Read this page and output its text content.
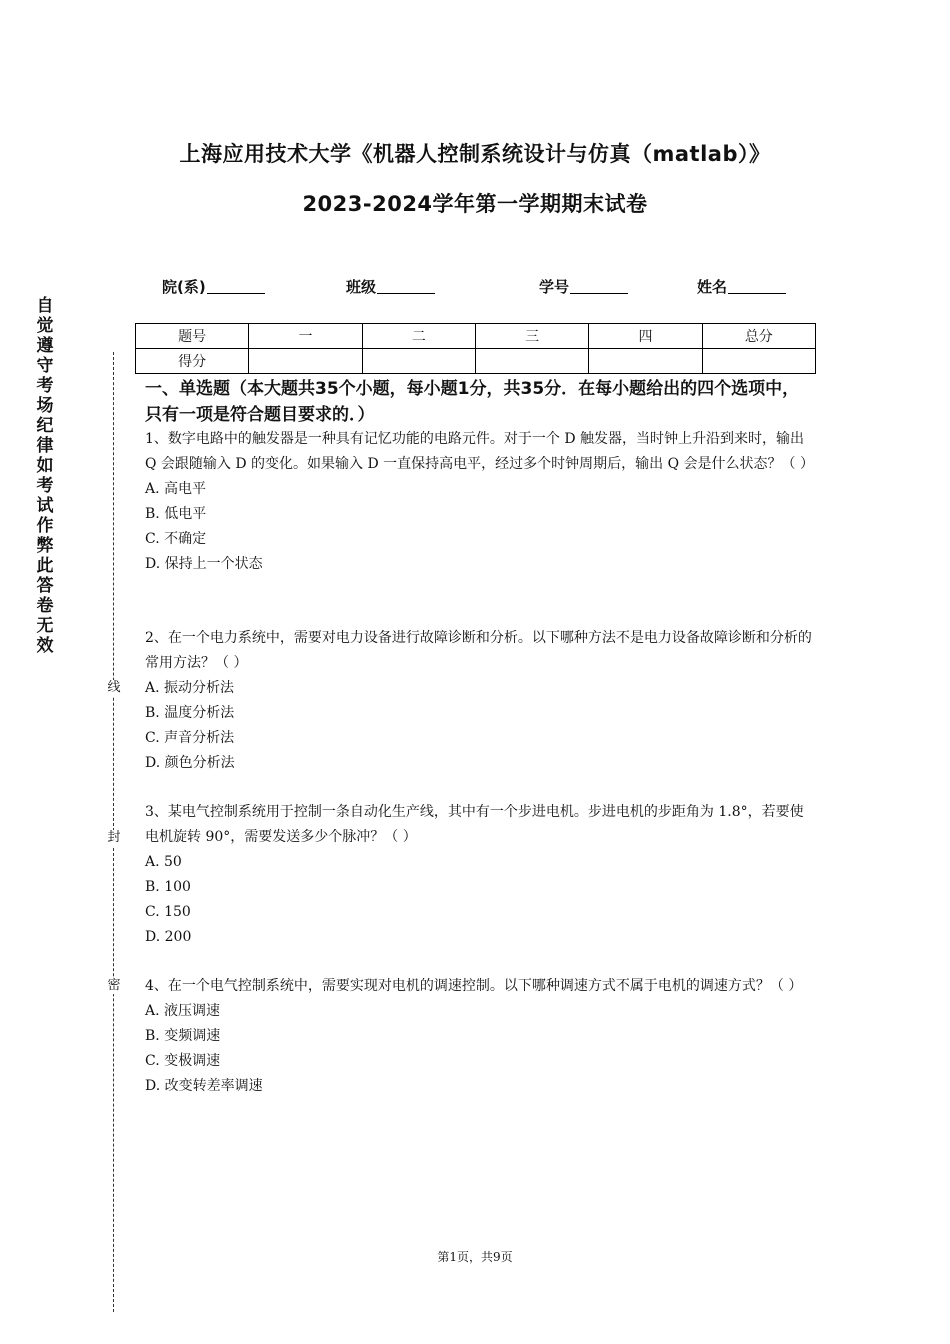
上海应用技术大学《机器人控制系统设计与仿真（matlab）》
2023-2024学年第一学期期末试卷
院(系)	班级	学号	姓名
题号	一	二	三	四	总分
得分					
自
觉
遵
守
考
场
纪
律
如
考
试
作
弊
此
答
卷
无
效
线
封
密
一、单选题（本大题共35个小题，每小题1分，共35分．在每小题给出的四个选项中，只有一项是符合题目要求的．）

1、数字电路中的触发器是一种具有记忆功能的电路元件。对于一个 D 触发器，当时钟上升沿到来时，输出 Q 会跟随输入 D 的变化。如果输入 D 一直保持高电平，经过多个时钟周期后，输出 Q 会是什么状态？（ ）

A. 高电平

B. 低电平

C. 不确定

D. 保持上一个状态

2、在一个电力系统中，需要对电力设备进行故障诊断和分析。以下哪种方法不是电力设备故障诊断和分析的常用方法？（ ）

A. 振动分析法

B. 温度分析法

C. 声音分析法

D. 颜色分析法

3、某电气控制系统用于控制一条自动化生产线，其中有一个步进电机。步进电机的步距角为 1.8°，若要使电机旋转 90°，需要发送多少个脉冲？（ ）

A. 50

B. 100

C. 150

D. 200

4、在一个电气控制系统中，需要实现对电机的调速控制。以下哪种调速方式不属于电机的调速方式？（ ）

A. 液压调速

B. 变频调速

C. 变极调速

D. 改变转差率调速

第1页，共9页
